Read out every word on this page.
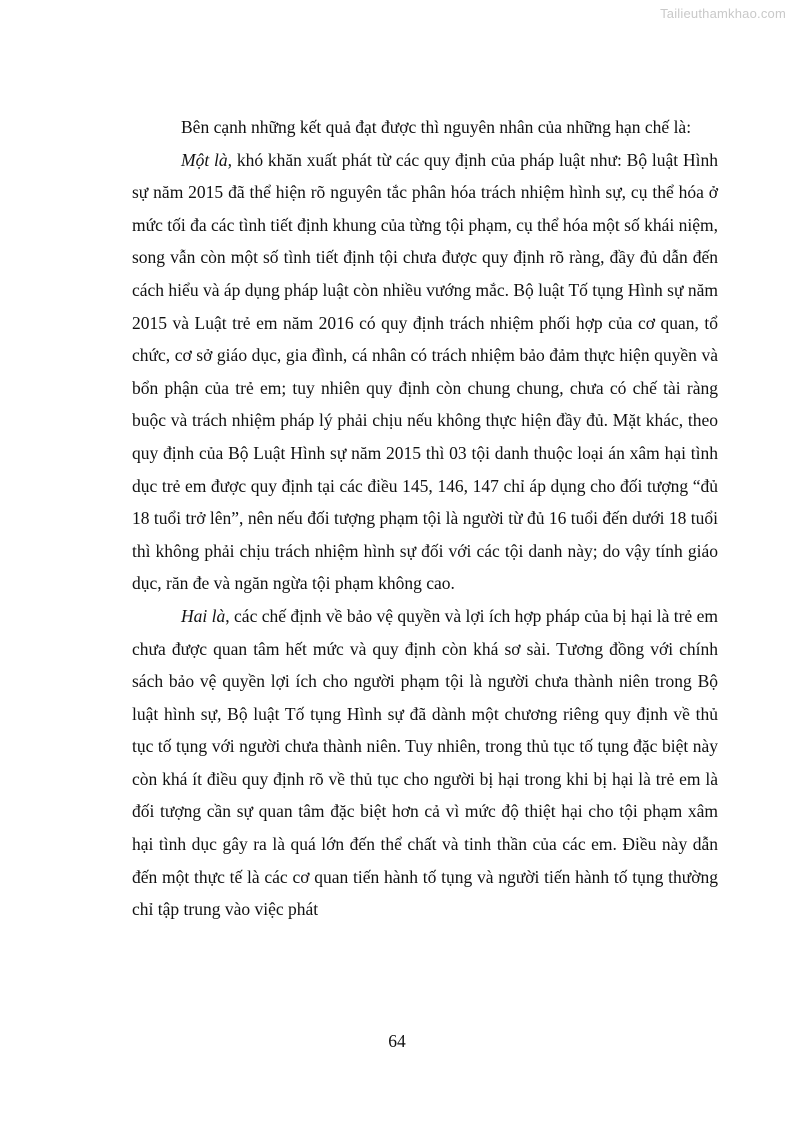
Tailieuthamkhao.com

Bên cạnh những kết quả đạt được thì nguyên nhân của những hạn chế là:

Một là, khó khăn xuất phát từ các quy định của pháp luật như: Bộ luật Hình sự năm 2015 đã thể hiện rõ nguyên tắc phân hóa trách nhiệm hình sự, cụ thể hóa ở mức tối đa các tình tiết định khung của từng tội phạm, cụ thể hóa một số khái niệm, song vẫn còn một số tình tiết định tội chưa được quy định rõ ràng, đầy đủ dẫn đến cách hiểu và áp dụng pháp luật còn nhiều vướng mắc. Bộ luật Tố tụng Hình sự năm 2015 và Luật trẻ em năm 2016 có quy định trách nhiệm phối hợp của cơ quan, tổ chức, cơ sở giáo dục, gia đình, cá nhân có trách nhiệm bảo đảm thực hiện quyền và bổn phận của trẻ em; tuy nhiên quy định còn chung chung, chưa có chế tài ràng buộc và trách nhiệm pháp lý phải chịu nếu không thực hiện đầy đủ. Mặt khác, theo quy định của Bộ Luật Hình sự năm 2015 thì 03 tội danh thuộc loại án xâm hại tình dục trẻ em được quy định tại các điều 145, 146, 147 chỉ áp dụng cho đối tượng “đủ 18 tuổi trở lên”, nên nếu đối tượng phạm tội là người từ đủ 16 tuổi đến dưới 18 tuổi thì không phải chịu trách nhiệm hình sự đối với các tội danh này; do vậy tính giáo dục, răn đe và ngăn ngừa tội phạm không cao.

Hai là, các chế định về bảo vệ quyền và lợi ích hợp pháp của bị hại là trẻ em chưa được quan tâm hết mức và quy định còn khá sơ sài. Tương đồng với chính sách bảo vệ quyền lợi ích cho người phạm tội là người chưa thành niên trong Bộ luật hình sự, Bộ luật Tố tụng Hình sự đã dành một chương riêng quy định về thủ tục tố tụng với người chưa thành niên. Tuy nhiên, trong thủ tục tố tụng đặc biệt này còn khá ít điều quy định rõ về thủ tục cho người bị hại trong khi bị hại là trẻ em là đối tượng cần sự quan tâm đặc biệt hơn cả vì mức độ thiệt hại cho tội phạm xâm hại tình dục gây ra là quá lớn đến thể chất và tinh thần của các em. Điều này dẫn đến một thực tế là các cơ quan tiến hành tố tụng và người tiến hành tố tụng thường chỉ tập trung vào việc phát

64
